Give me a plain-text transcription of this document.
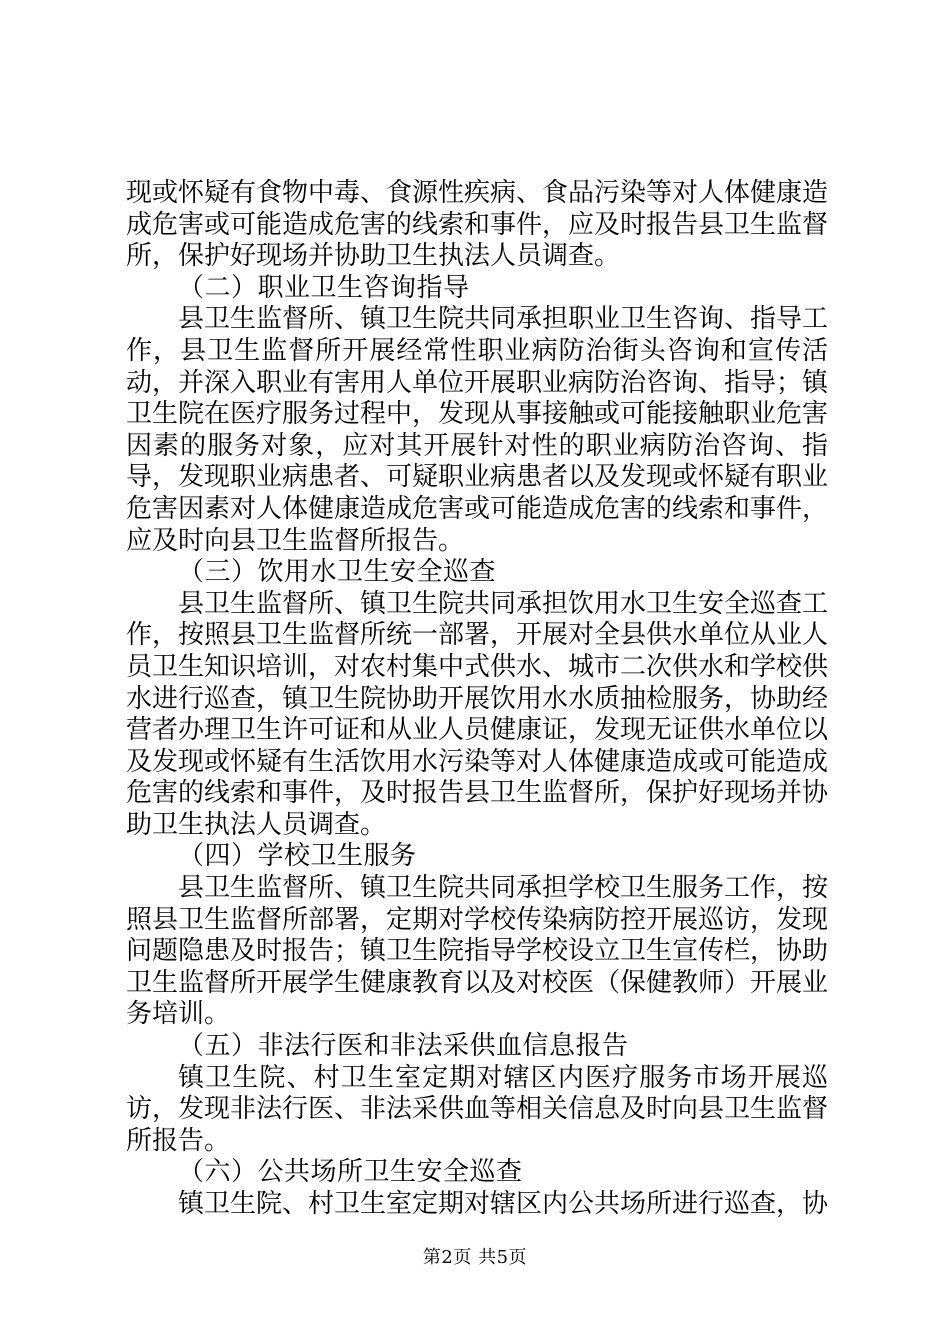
现或怀疑有食物中毒、食源性疾病、食品污染等对人体健康造成危害或可能造成危害的线索和事件，应及时报告县卫生监督所，保护好现场并协助卫生执法人员调查。

（二）职业卫生咨询指导

县卫生监督所、镇卫生院共同承担职业卫生咨询、指导工作，县卫生监督所开展经常性职业病防治街头咨询和宣传活动，并深入职业有害用人单位开展职业病防治咨询、指导；镇卫生院在医疗服务过程中，发现从事接触或可能接触职业危害因素的服务对象，应对其开展针对性的职业病防治咨询、指导，发现职业病患者、可疑职业病患者以及发现或怀疑有职业危害因素对人体健康造成危害或可能造成危害的线索和事件，应及时向县卫生监督所报告。

（三）饮用水卫生安全巡查

县卫生监督所、镇卫生院共同承担饮用水卫生安全巡查工作，按照县卫生监督所统一部署，开展对全县供水单位从业人员卫生知识培训，对农村集中式供水、城市二次供水和学校供水进行巡查，镇卫生院协助开展饮用水水质抽检服务，协助经营者办理卫生许可证和从业人员健康证，发现无证供水单位以及发现或怀疑有生活饮用水污染等对人体健康造成或可能造成危害的线索和事件，及时报告县卫生监督所，保护好现场并协助卫生执法人员调查。

（四）学校卫生服务

县卫生监督所、镇卫生院共同承担学校卫生服务工作，按照县卫生监督所部署，定期对学校传染病防控开展巡访，发现问题隐患及时报告；镇卫生院指导学校设立卫生宣传栏，协助卫生监督所开展学生健康教育以及对校医（保健教师）开展业务培训。

（五）非法行医和非法采供血信息报告

镇卫生院、村卫生室定期对辖区内医疗服务市场开展巡访，发现非法行医、非法采供血等相关信息及时向县卫生监督所报告。

（六）公共场所卫生安全巡查

镇卫生院、村卫生室定期对辖区内公共场所进行巡查，协

第2页 共5页
